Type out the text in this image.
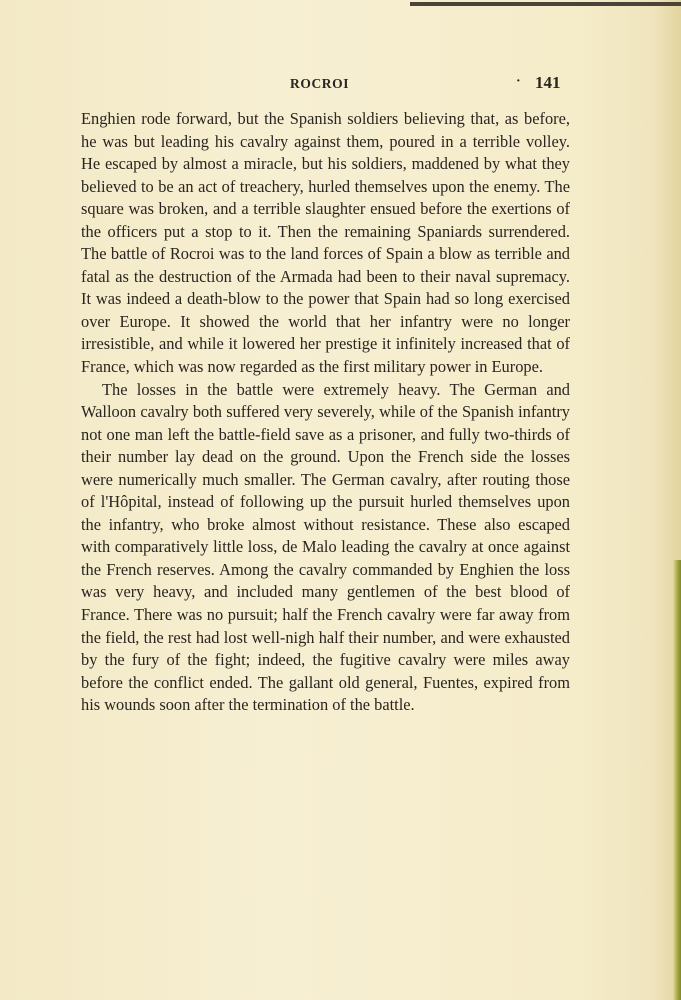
ROCROI	· 141

Enghien rode forward, but the Spanish soldiers believing that, as before, he was but leading his cavalry against them, poured in a terrible volley. He escaped by almost a miracle, but his soldiers, maddened by what they believed to be an act of treachery, hurled themselves upon the enemy. The square was broken, and a terrible slaughter ensued before the exertions of the officers put a stop to it. Then the remaining Spaniards surrendered. The battle of Rocroi was to the land forces of Spain a blow as terrible and fatal as the destruction of the Armada had been to their naval supremacy. It was indeed a death-blow to the power that Spain had so long exercised over Europe. It showed the world that her infantry were no longer irresistible, and while it lowered her prestige it infinitely increased that of France, which was now regarded as the first military power in Europe.

The losses in the battle were extremely heavy. The German and Walloon cavalry both suffered very severely, while of the Spanish infantry not one man left the battle-field save as a prisoner, and fully two-thirds of their number lay dead on the ground. Upon the French side the losses were numerically much smaller. The German cavalry, after routing those of l'Hôpital, instead of following up the pursuit hurled themselves upon the infantry, who broke almost without resistance. These also escaped with comparatively little loss, de Malo leading the cavalry at once against the French reserves. Among the cavalry commanded by Enghien the loss was very heavy, and included many gentlemen of the best blood of France. There was no pursuit; half the French cavalry were far away from the field, the rest had lost well-nigh half their number, and were exhausted by the fury of the fight; indeed, the fugitive cavalry were miles away before the conflict ended. The gallant old general, Fuentes, expired from his wounds soon after the termination of the battle.
